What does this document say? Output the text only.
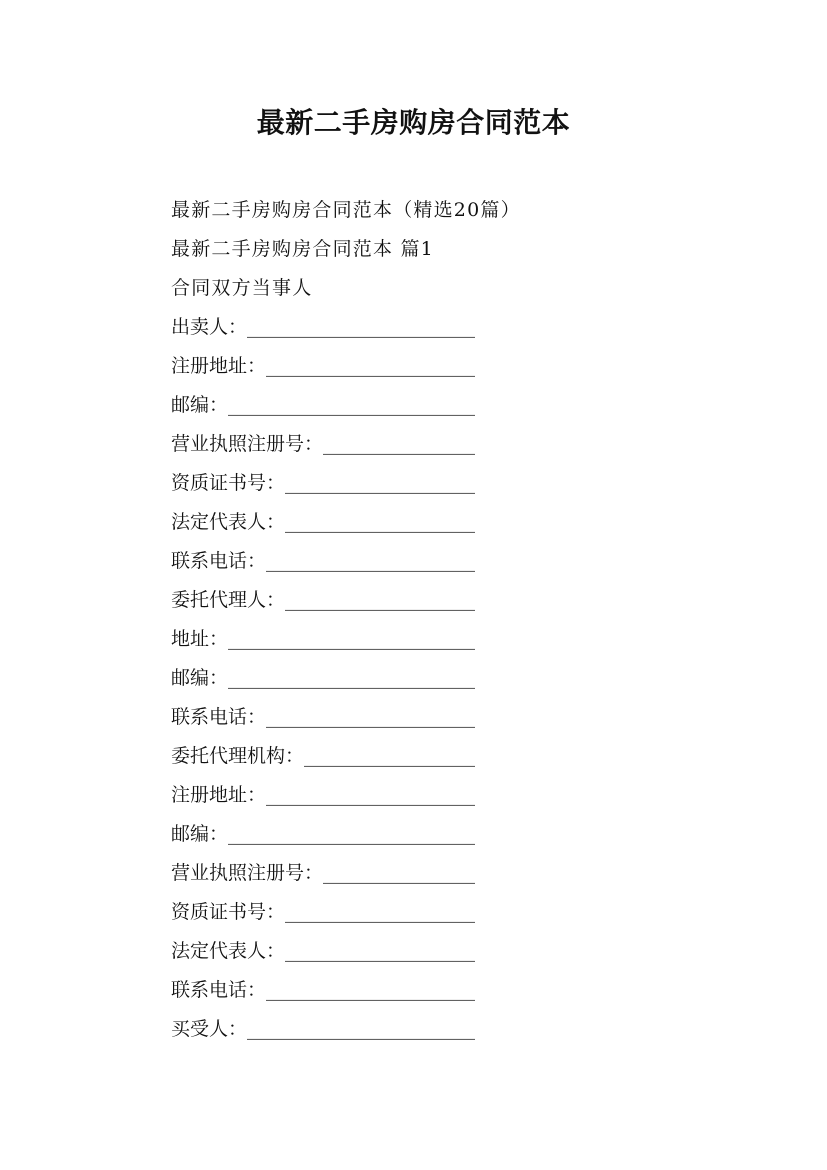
最新二手房购房合同范本
最新二手房购房合同范本（精选20篇）
最新二手房购房合同范本 篇1
合同双方当事人
出卖人：________________________
注册地址：______________________
邮编：__________________________
营业执照注册号：________________
资质证书号：____________________
法定代表人：____________________
联系电话：______________________
委托代理人：____________________
地址：__________________________
邮编：__________________________
联系电话：______________________
委托代理机构：__________________
注册地址：______________________
邮编：__________________________
营业执照注册号：________________
资质证书号：____________________
法定代表人：____________________
联系电话：______________________
买受人：________________________
